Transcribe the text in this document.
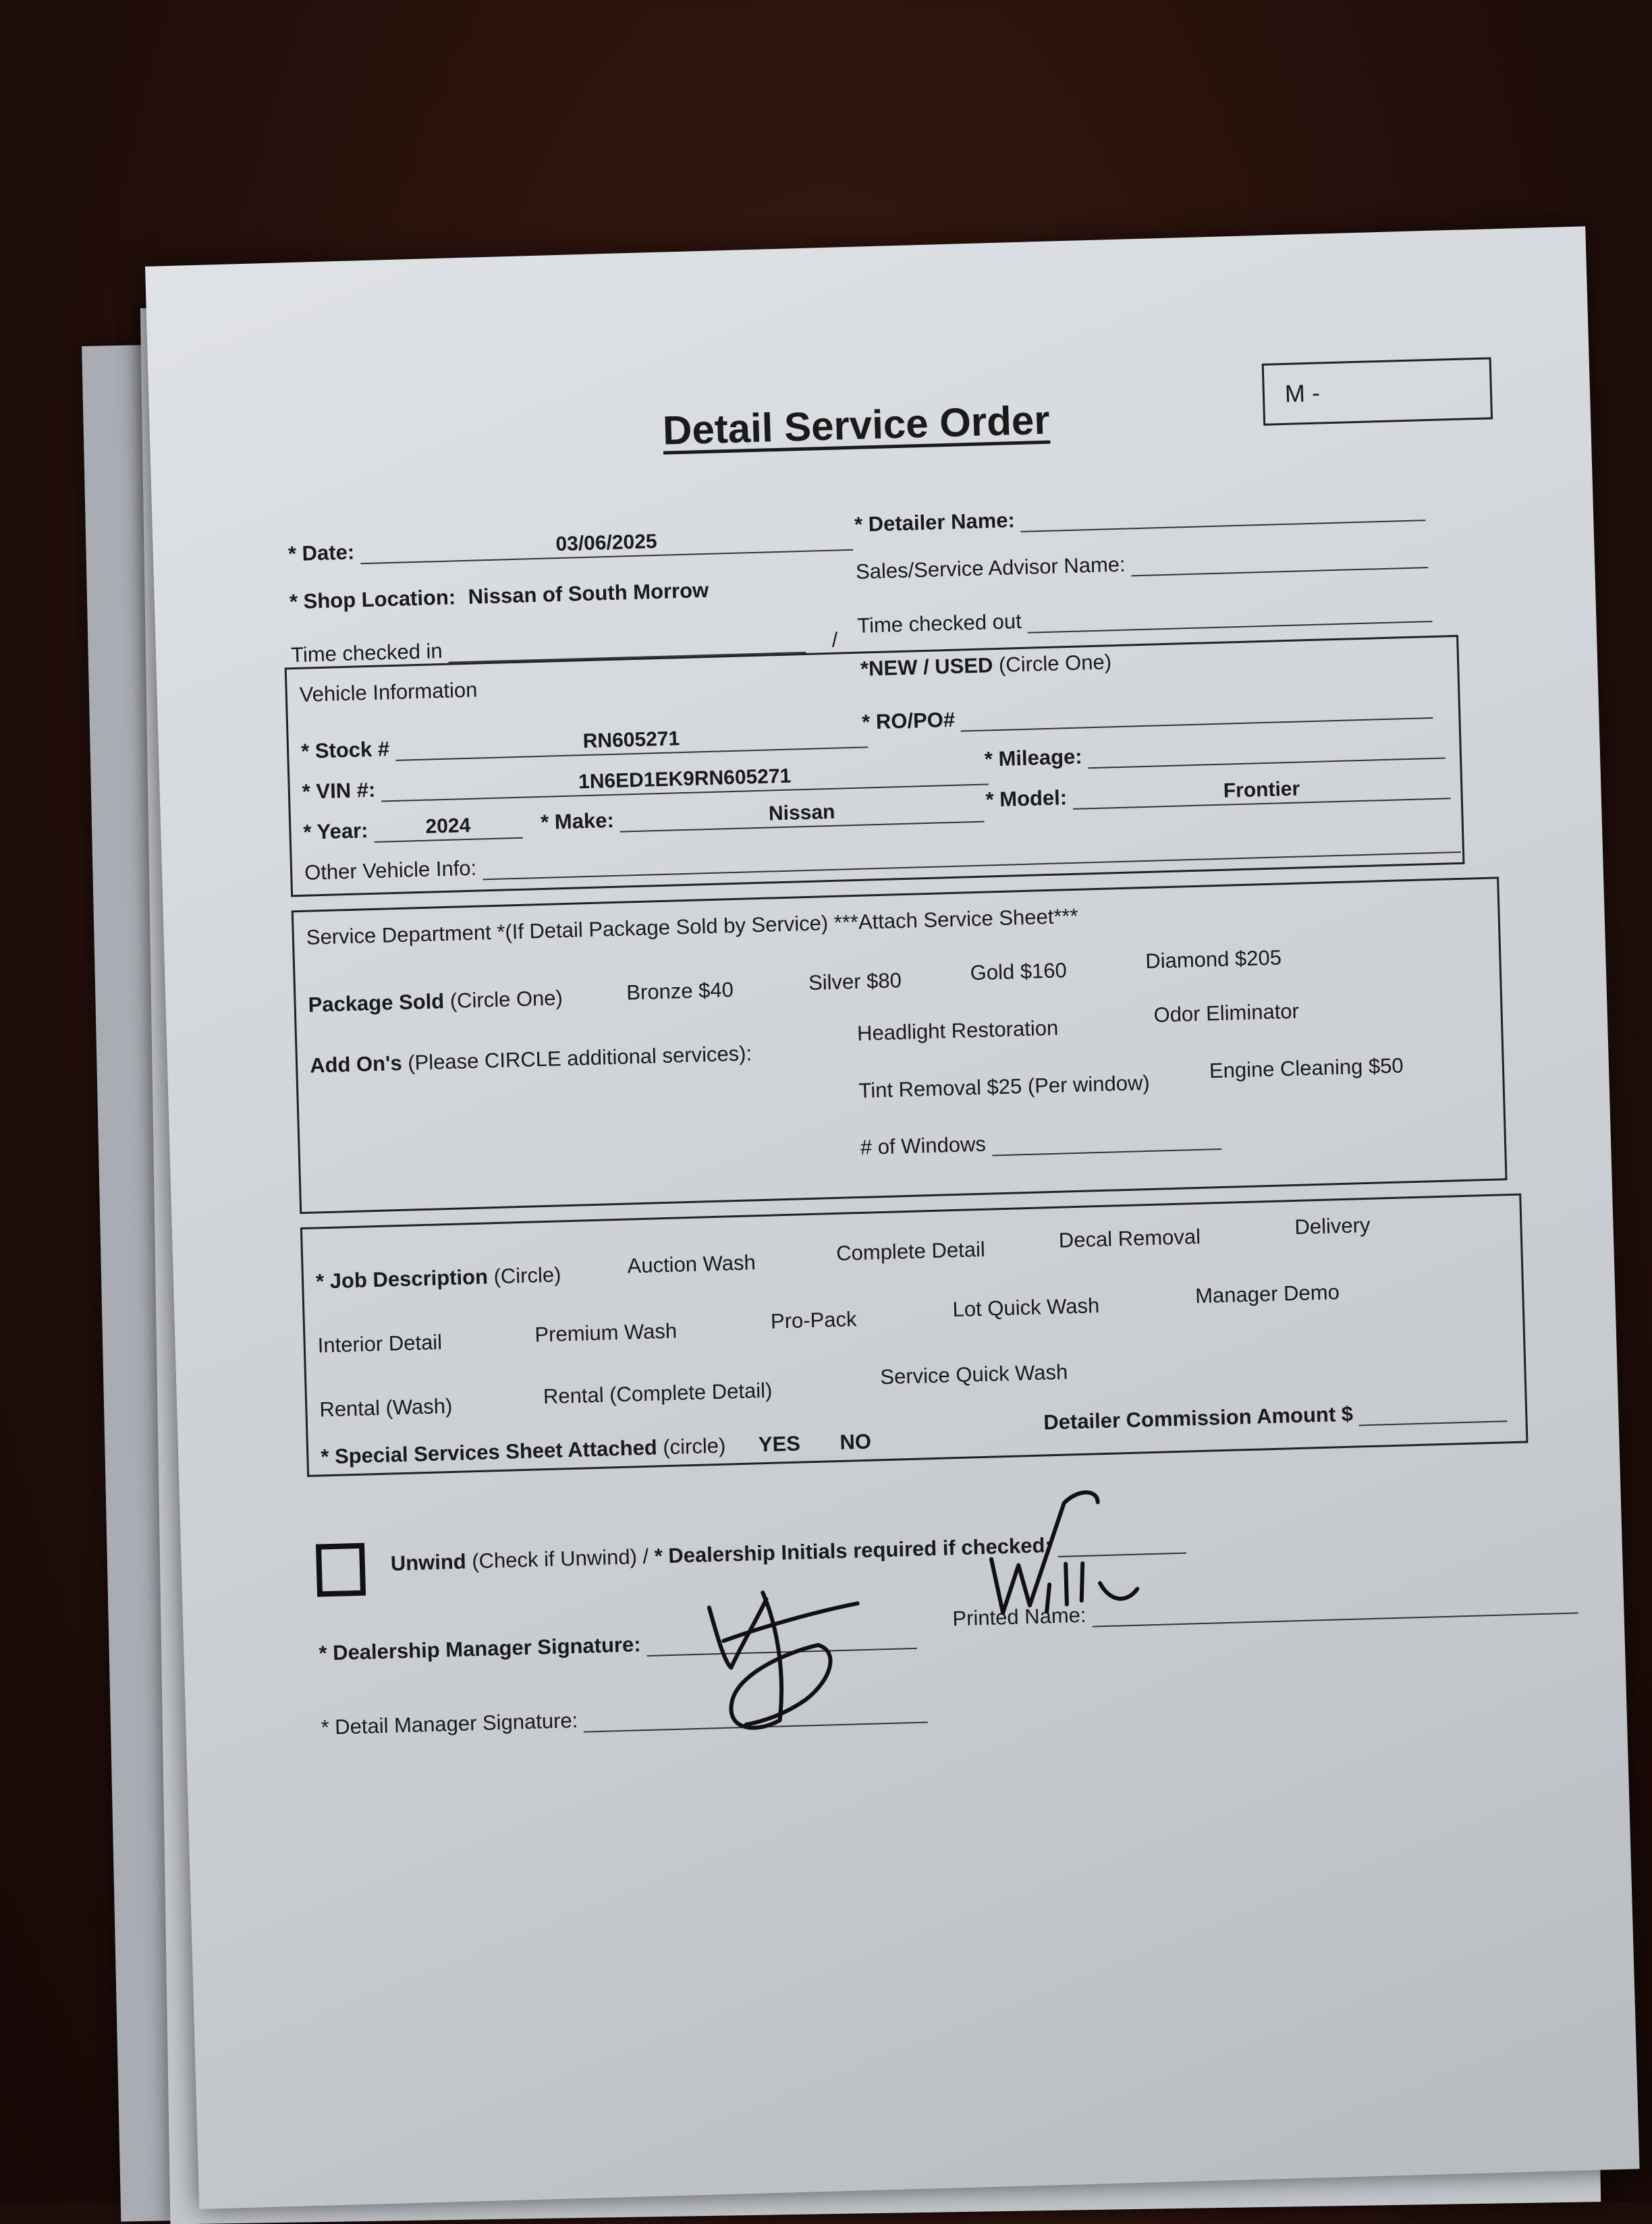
Detail Service Order
M -
* Date:	03/06/2025
* Detailer Name:
* Shop Location: Nissan of South Morrow
Sales/Service Advisor Name:
Time checked in	/
Time checked out
Vehicle Information
*NEW / USED (Circle One)
* Stock #	RN605271
* RO/PO#
* VIN #:	1N6ED1EK9RN605271
* Mileage:
* Year:	2024	* Make:	Nissan
* Model:	Frontier
Other Vehicle Info:
Service Department *(If Detail Package Sold by Service) ***Attach Service Sheet***
Package Sold (Circle One)	Bronze $40	Silver $80	Gold $160	Diamond $205
Add On's (Please CIRCLE additional services):
Headlight Restoration
Odor Eliminator
Tint Removal $25 (Per window)
Engine Cleaning $50
# of Windows
* Job Description (Circle)	Auction Wash	Complete Detail	Decal Removal	Delivery
Interior Detail	Premium Wash	Pro-Pack	Lot Quick Wash	Manager Demo
Rental (Wash)	Rental (Complete Detail)
Service Quick Wash
* Special Services Sheet Attached (circle) YES NO
Detailer Commission Amount $
Unwind (Check if Unwind) / * Dealership Initials required if checked:
* Dealership Manager Signature:
Printed Name:
* Detail Manager Signature:
